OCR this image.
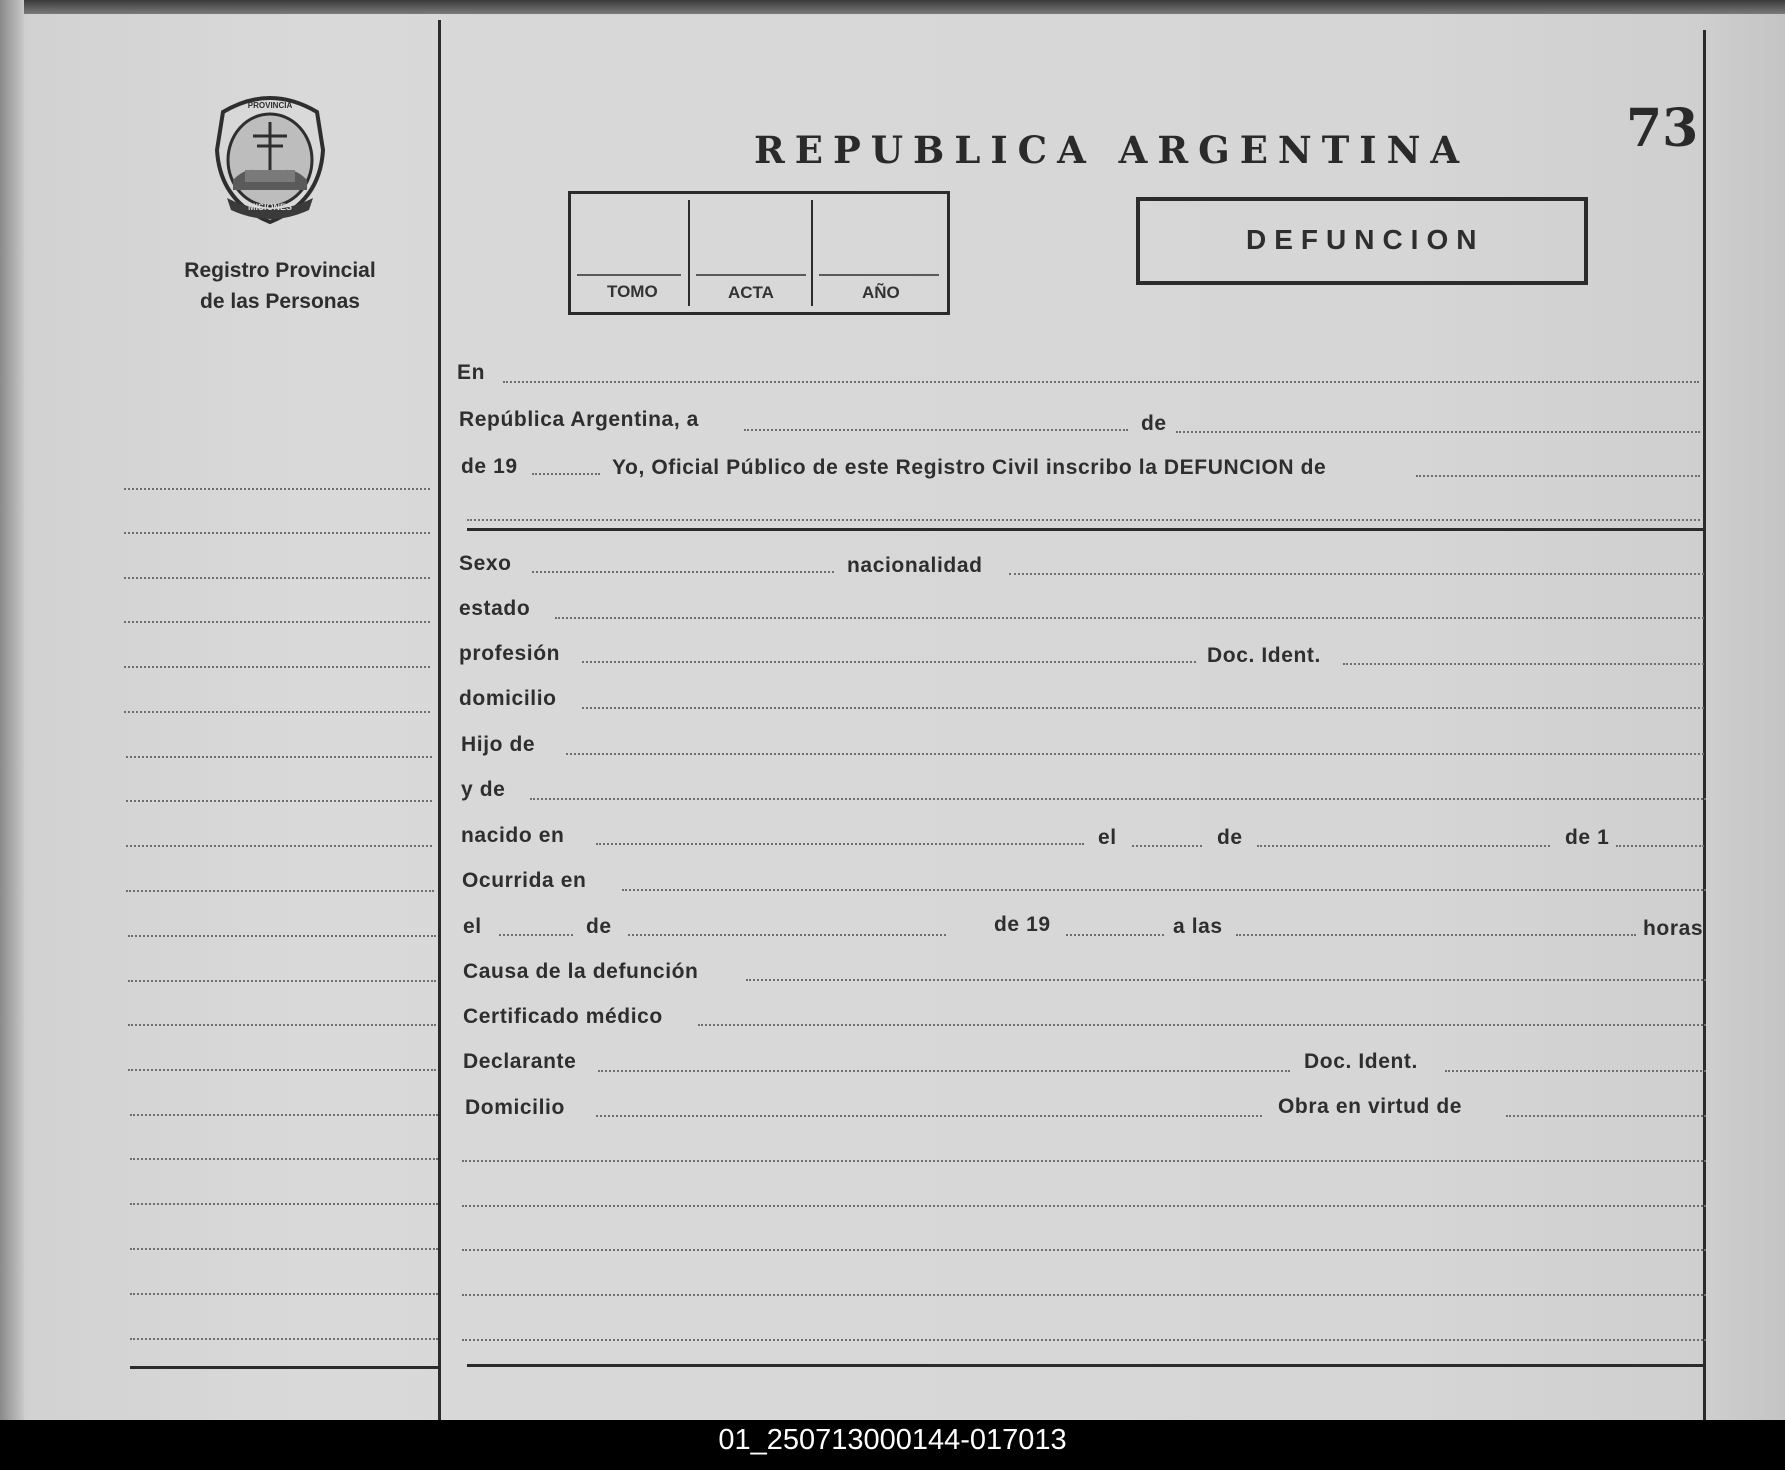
MISIONES
PROVINCIA
Registro Provincial
de las Personas
REPUBLICA ARGENTINA	73
TOMO	ACTA	AÑO
DEFUNCION
En
República Argentina, a	de
de 19	Yo, Oficial Público de este Registro Civil inscribo la DEFUNCION de
Sexo	nacionalidad
estado
profesión	Doc. Ident.
domicilio
Hijo de
y de
nacido en	el	de	de 1
Ocurrida en
el	de	de 19	a las	horas
Causa de la defunción
Certificado médico
Declarante	Doc. Ident.
Domicilio	Obra en virtud de
01_250713000144-017013
